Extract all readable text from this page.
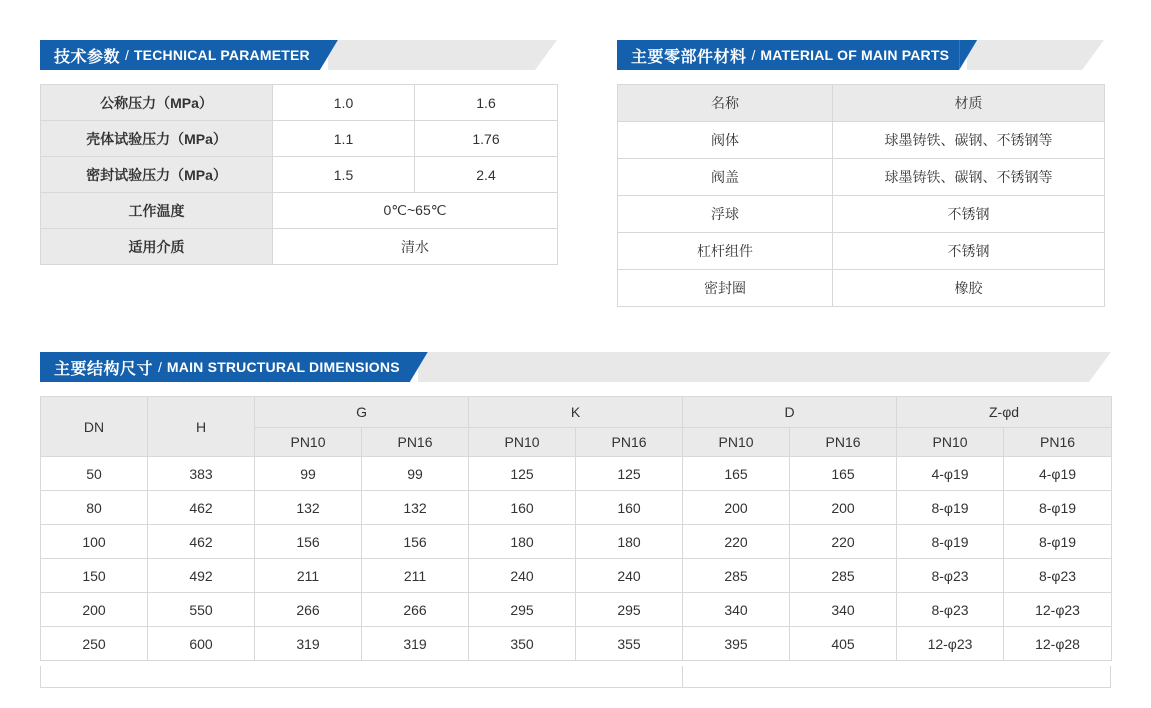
技术参数 / TECHNICAL PARAMETER
公称压力（MPa）	1.0	1.6
壳体试验压力（MPa）	1.1	1.76
密封试验压力（MPa）	1.5	2.4
工作温度	0℃~65℃	
适用介质	清水	
主要零部件材料 / MATERIAL OF MAIN PARTS
名称	材质
阀体	球墨铸铁、碳钢、不锈钢等
阀盖	球墨铸铁、碳钢、不锈钢等
浮球	不锈钢
杠杆组件	不锈钢
密封圈	橡胶
主要结构尺寸 / MAIN STRUCTURAL DIMENSIONS
DN	H	G		K		D		Z-φd	
		PN10	PN16	PN10	PN16	PN10	PN16	PN10	PN16
50	383	99	99	125	125	165	165	4-φ19	4-φ19
80	462	132	132	160	160	200	200	8-φ19	8-φ19
100	462	156	156	180	180	220	220	8-φ19	8-φ19
150	492	211	211	240	240	285	285	8-φ23	8-φ23
200	550	266	266	295	295	340	340	8-φ23	12-φ23
250	600	319	319	350	355	395	405	12-φ23	12-φ28
